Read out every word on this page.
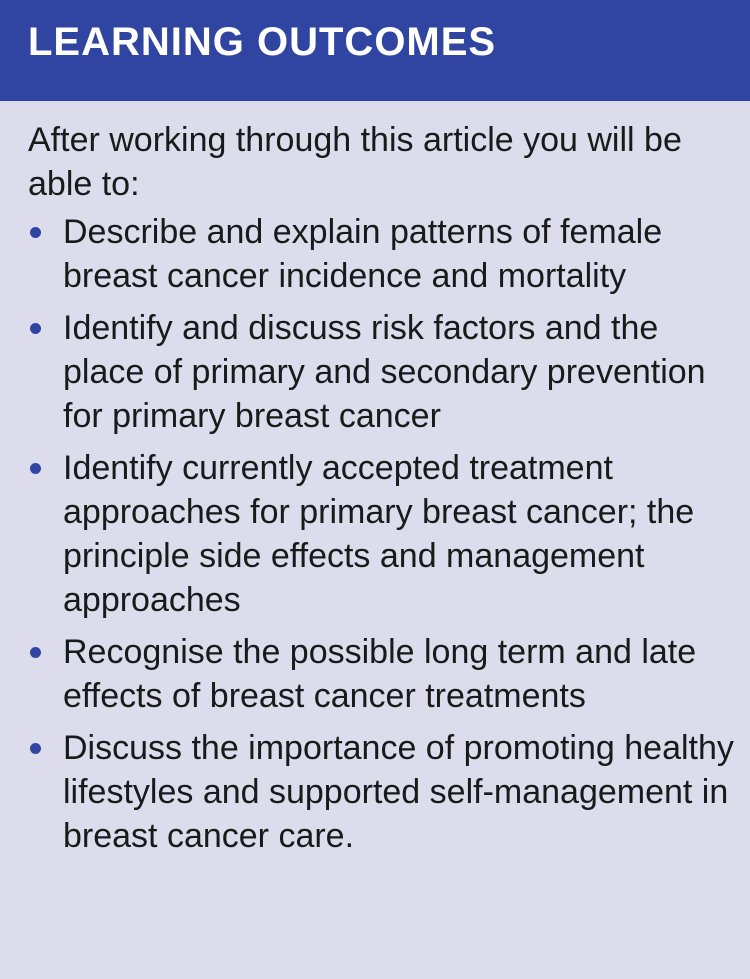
LEARNING OUTCOMES

After working through this article you will be able to:

Describe and explain patterns of female breast cancer incidence and mortality
Identify and discuss risk factors and the place of primary and secondary prevention for primary breast cancer
Identify currently accepted treatment approaches for primary breast cancer; the principle side effects and management approaches
Recognise the possible long term and late effects of breast cancer treatments
Discuss the importance of promoting healthy lifestyles and supported self-management in breast cancer care.
